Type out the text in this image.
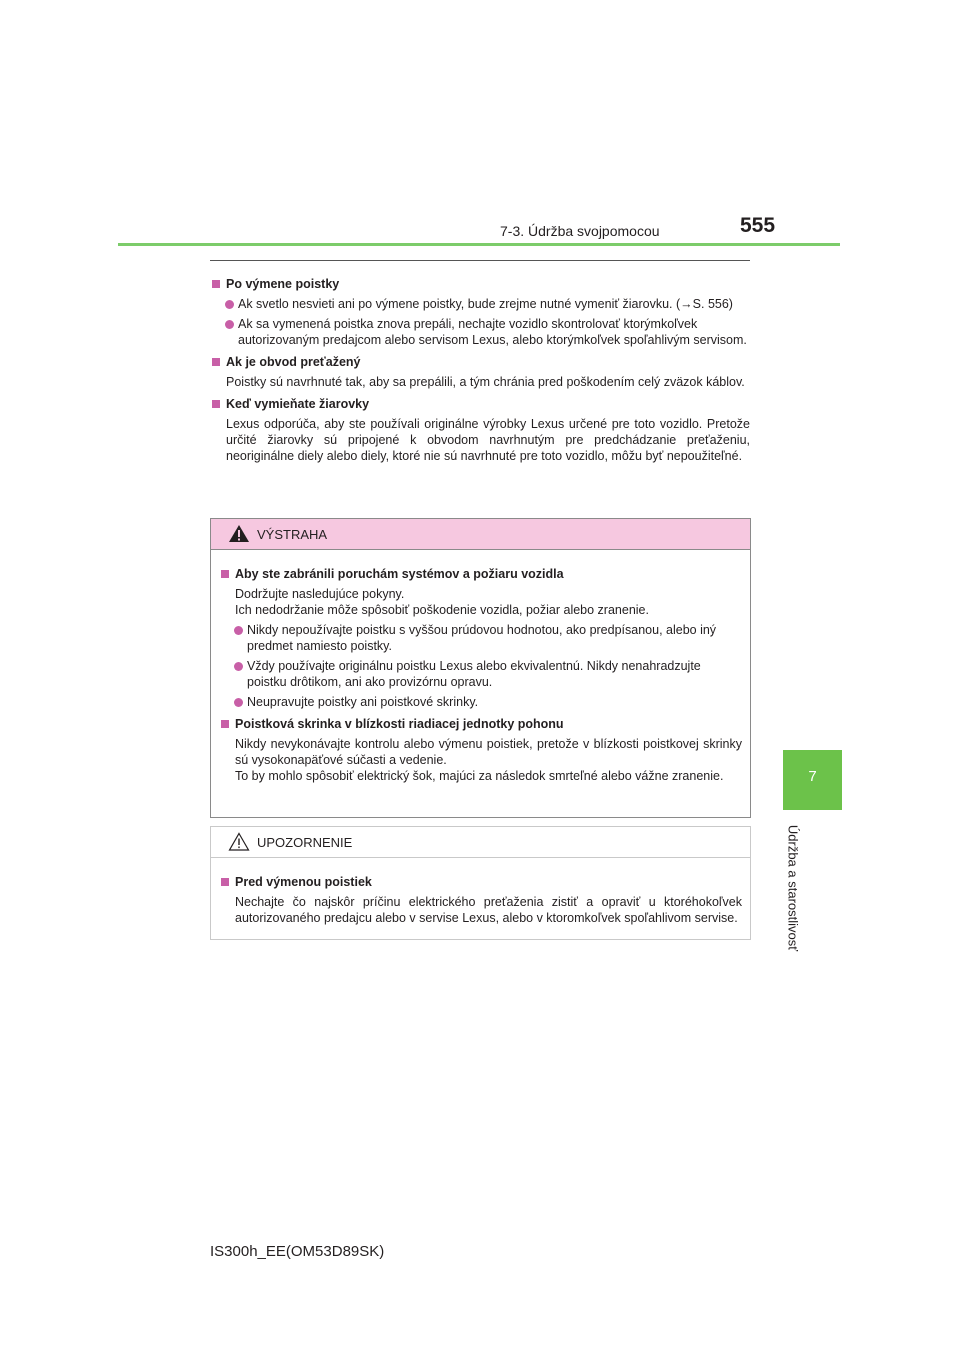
7-3. Údržba svojpomocou	555
7
Údržba a starostlivosť
Po výmene poistky
Ak svetlo nesvieti ani po výmene poistky, bude zrejme nutné vymeniť žiarovku. (→S. 556)
Ak sa vymenená poistka znova prepáli, nechajte vozidlo skontrolovať ktorýmkoľvek autorizovaným predajcom alebo servisom Lexus, alebo ktorýmkoľvek spoľahlivým servisom.
Ak je obvod preťažený
Poistky sú navrhnuté tak, aby sa prepálili, a tým chránia pred poškodením celý zväzok káblov.
Keď vymieňate žiarovky
Lexus odporúča, aby ste používali originálne výrobky Lexus určené pre toto vozidlo. Pretože určité žiarovky sú pripojené k obvodom navrhnutým pre predchádzanie preťaženiu, neoriginálne diely alebo diely, ktoré nie sú navrhnuté pre toto vozidlo, môžu byť nepoužiteľné.
VÝSTRAHA
Aby ste zabránili poruchám systémov a požiaru vozidla

Dodržujte nasledujúce pokyny.

Ich nedodržanie môže spôsobiť poškodenie vozidla, požiar alebo zranenie.

Nikdy nepoužívajte poistku s vyššou prúdovou hodnotou, ako predpísanou, alebo iný predmet namiesto poistky.
Vždy používajte originálnu poistku Lexus alebo ekvivalentnú. Nikdy nenahradzujte poistku drôtikom, ani ako provizórnu opravu.
Neupravujte poistky ani poistkové skrinky.
Poistková skrinka v blízkosti riadiacej jednotky pohonu

Nikdy nevykonávajte kontrolu alebo výmenu poistiek, pretože v blízkosti poistkovej skrinky sú vysokonapäťové súčasti a vedenie.

To by mohlo spôsobiť elektrický šok, majúci za následok smrteľné alebo vážne zranenie.

UPOZORNENIE
Pred výmenou poistiek
Nechajte čo najskôr príčinu elektrického preťaženia zistiť a opraviť u ktoréhokoľvek autorizovaného predajcu alebo v servise Lexus, alebo v ktoromkoľvek spoľahlivom servise.
IS300h_EE(OM53D89SK)
